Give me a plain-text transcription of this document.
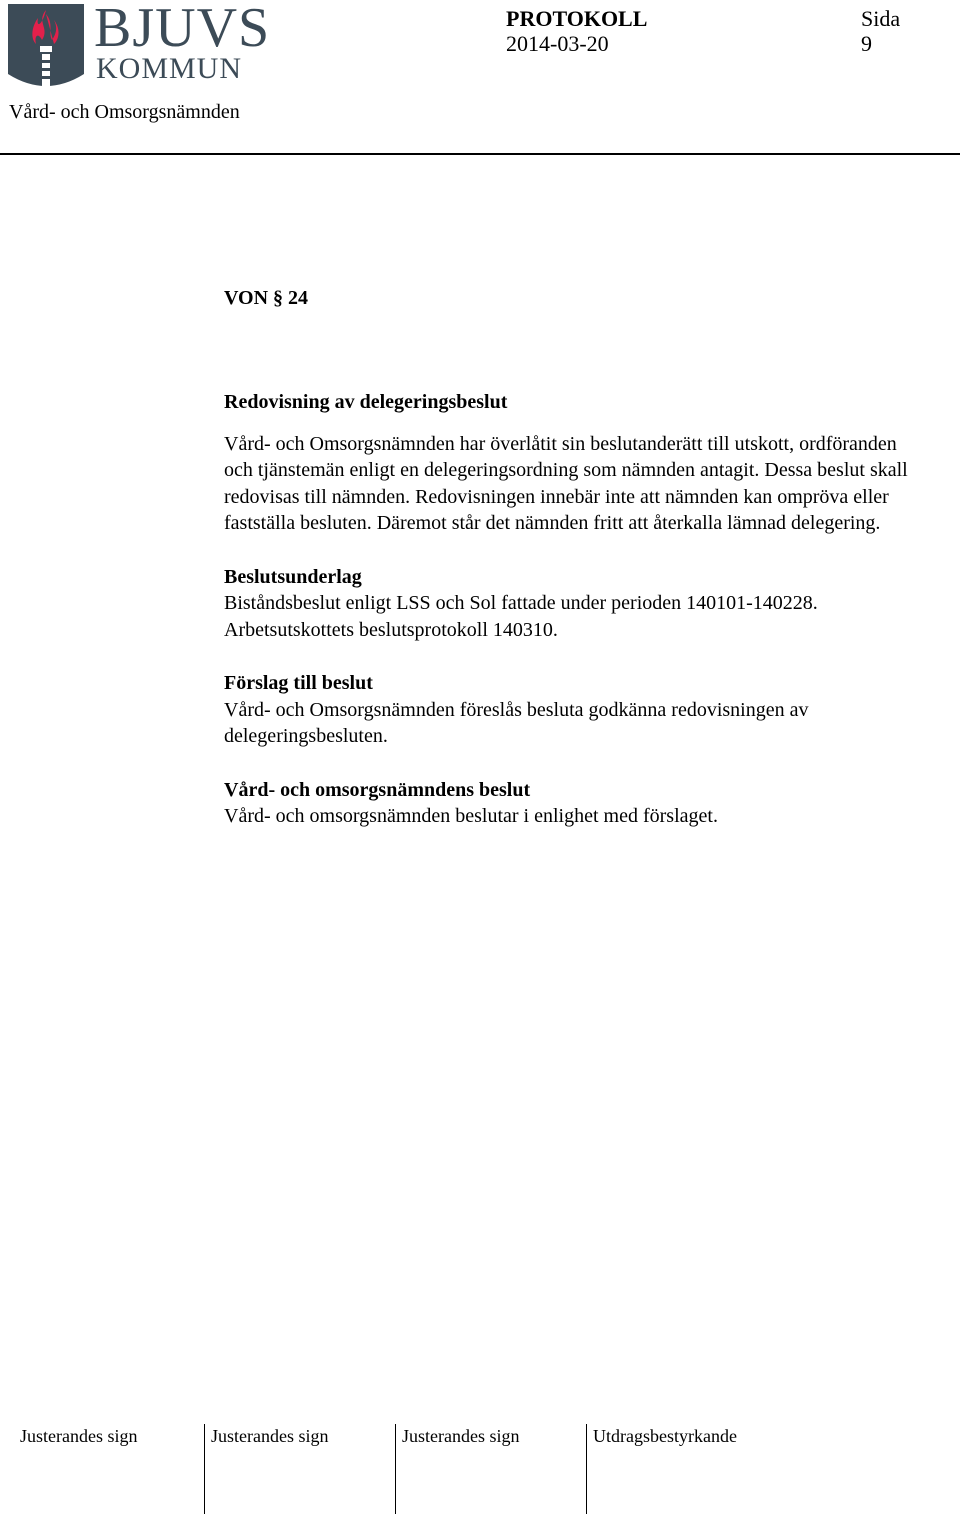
BJUVS
KOMMUN
Vård- och Omsorgsnämnden
PROTOKOLL
2014-03-20
Sida
9
VON § 24
Redovisning av delegeringsbeslut
Vård- och Omsorgsnämnden har överlåtit sin beslutanderätt till utskott, ordföranden och tjänstemän enligt en delegeringsordning som nämnden antagit. Dessa beslut skall redovisas till nämnden. Redovisningen innebär inte att nämnden kan ompröva eller fastställa besluten. Däremot står det nämnden fritt att återkalla lämnad delegering.
Beslutsunderlag
Biståndsbeslut enligt LSS och Sol fattade under perioden 140101-140228.
Arbetsutskottets beslutsprotokoll 140310.
Förslag till beslut
Vård- och Omsorgsnämnden föreslås besluta godkänna redovisningen av delegeringsbesluten.
Vård- och omsorgsnämndens beslut
Vård- och omsorgsnämnden beslutar i enlighet med förslaget.
Justerandes sign	Justerandes sign	Justerandes sign	Utdragsbestyrkande
